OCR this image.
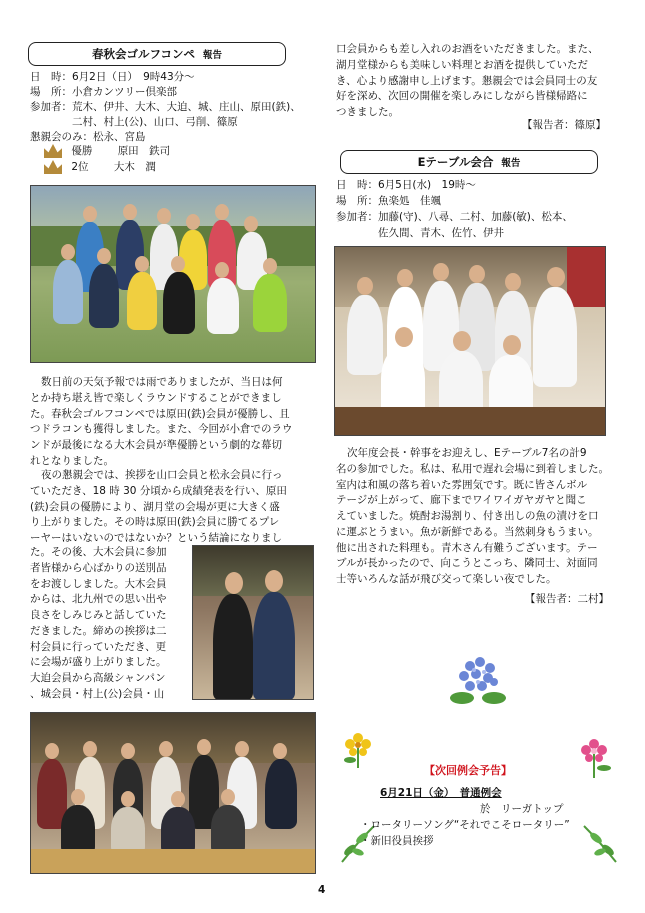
春秋会ゴルフコンペ 報告
日　時：6月2日（日）　9時43分～
場　所：小倉カンツリー倶楽部
参加者：荒木、伊井、大木、大迫、城、庄山、原田(鉄)、
二村、村上(公)、山口、弓削、篠原
懇親会のみ：松永、宮島
優勝 原田　鉄司
2位 大木　潤
数日前の天気予報では雨でありましたが、当日は何
とか持ち堪え皆で楽しくラウンドすることができまし
た。春秋会ゴルフコンペでは原田(鉄)会員が優勝し、且
つドラコンも獲得しました。また、今回が小倉でのラウ
ンドが最後になる大木会員が準優勝という劇的な幕切
れとなりました。
夜の懇親会では、挨拶を山口会員と松永会員に行っ
ていただき、18 時 30 分頃から成績発表を行い、原田
(鉄)会員の優勝により、湖月堂の会場が更に大きく盛
り上がりました。その時は原田(鉄)会員に勝てるプレ
ーヤーはいないのではないか？という結論になりまし
た。その後、大木会員に参加
者皆様から心ばかりの送別品
をお渡ししました。大木会員
からは、北九州での思い出や
良さをしみじみと話していた
だきました。締めの挨拶は二
村会員に行っていただき、更
に会場が盛り上がりました。
大迫会員から高級シャンパン
、城会員・村上(公)会員・山
口会員からも差し入れのお酒をいただきました。また、
湖月堂様からも美味しい料理とお酒を提供していただ
き、心より感謝申し上げます。懇親会では会員同士の友
好を深め、次回の開催を楽しみにしながら皆様帰路に
つきました。
【報告者：篠原】
Eテーブル会合 報告
日　時：6月5日(水)　19時～
場　所：魚楽処　佳颯
参加者：加藤(守)、八尋、二村、加藤(敏)、松本、
佐久間、青木、佐竹、伊井
次年度会長・幹事をお迎えし、Eテーブル7名の計9
名の参加でした。私は、私用で遅れ会場に到着しました。
室内は和風の落ち着いた雰囲気です。既に皆さんボル
テージが上がって、廊下までワイワイガヤガヤと聞こ
えていました。焼酎お湯割り、付き出しの魚の漬けを口
に運ぶとうまい。魚が新鮮である。当然刺身もうまい。
他に出された料理も。青木さん有難うございます。テー
ブルが長かったので、向こうとこっち、隣同士、対面同
士等いろんな話が飛び交って楽しい夜でした。
【報告者：二村】
【次回例会予告】
6月21日（金）　普通例会
於　リーガトップ
・ロータリーソング“それでこそロータリー”
・新旧役員挨拶
4
